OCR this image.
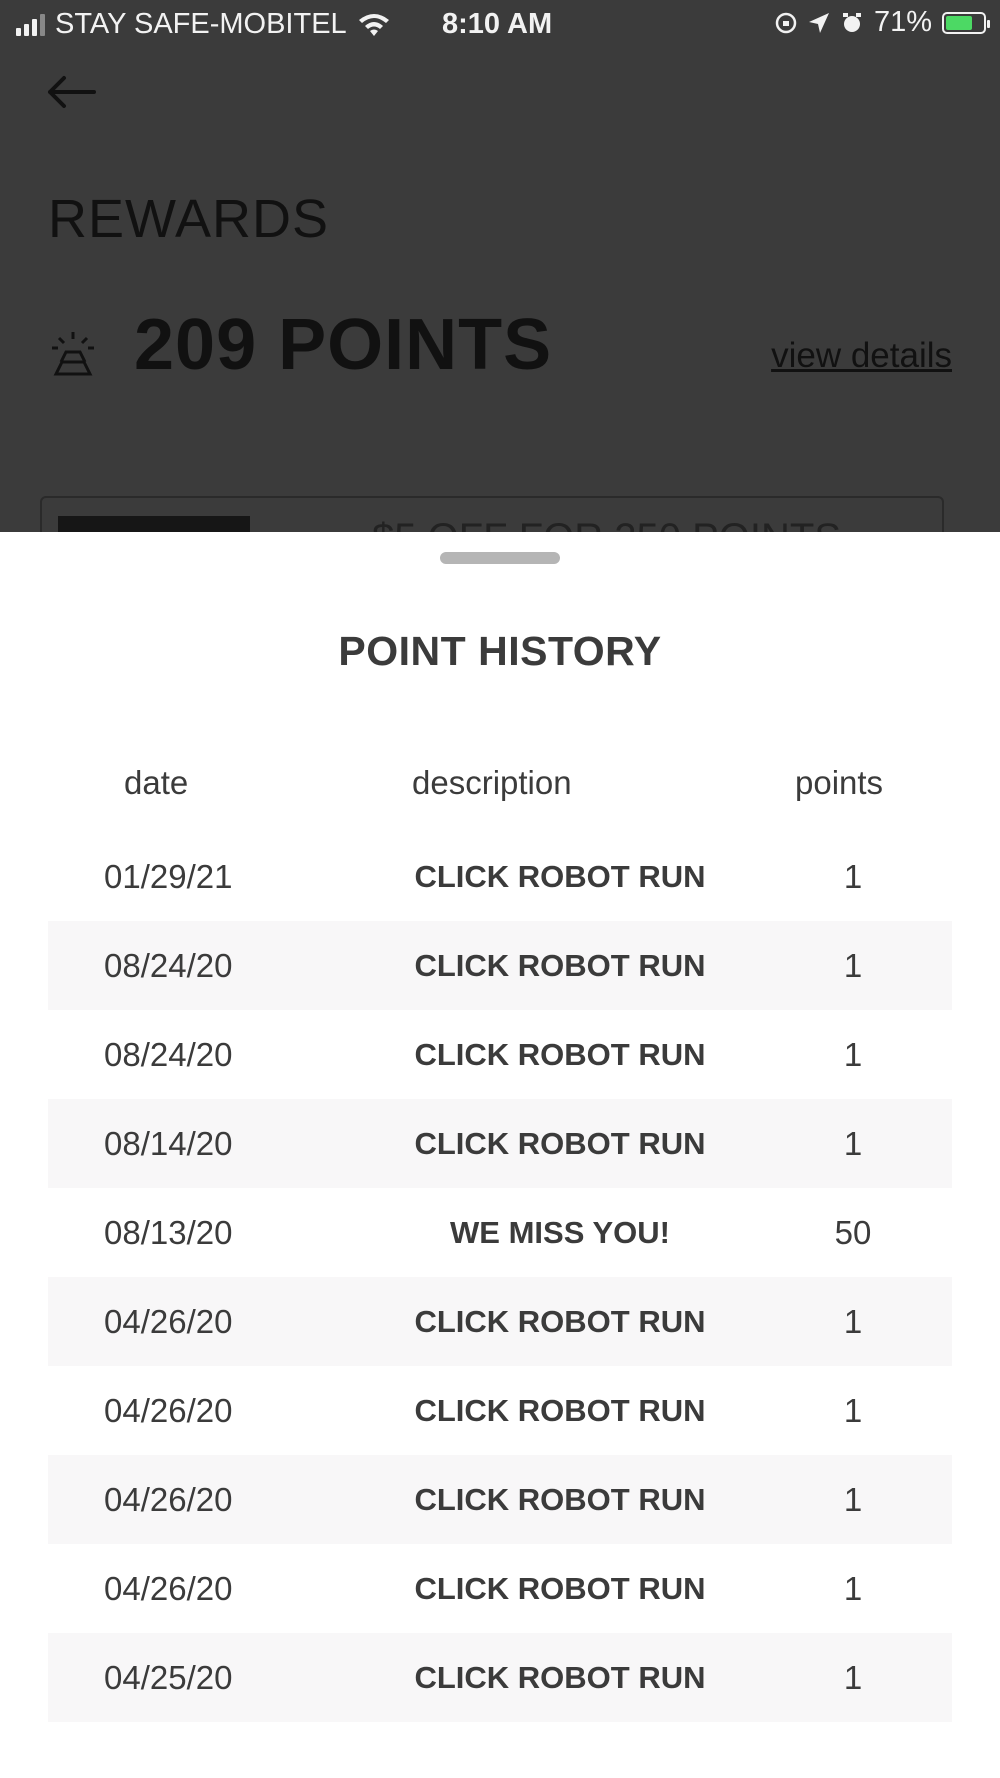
STAY SAFE-MOBITEL	8:10 AM	71%
REWARDS
209 POINTS	view details
POINT HISTORY
date	description	points
01/29/21	CLICK ROBOT RUN	1
08/24/20	CLICK ROBOT RUN	1
08/24/20	CLICK ROBOT RUN	1
08/14/20	CLICK ROBOT RUN	1
08/13/20	WE MISS YOU!	50
04/26/20	CLICK ROBOT RUN	1
04/26/20	CLICK ROBOT RUN	1
04/26/20	CLICK ROBOT RUN	1
04/26/20	CLICK ROBOT RUN	1
04/25/20	CLICK ROBOT RUN	1
